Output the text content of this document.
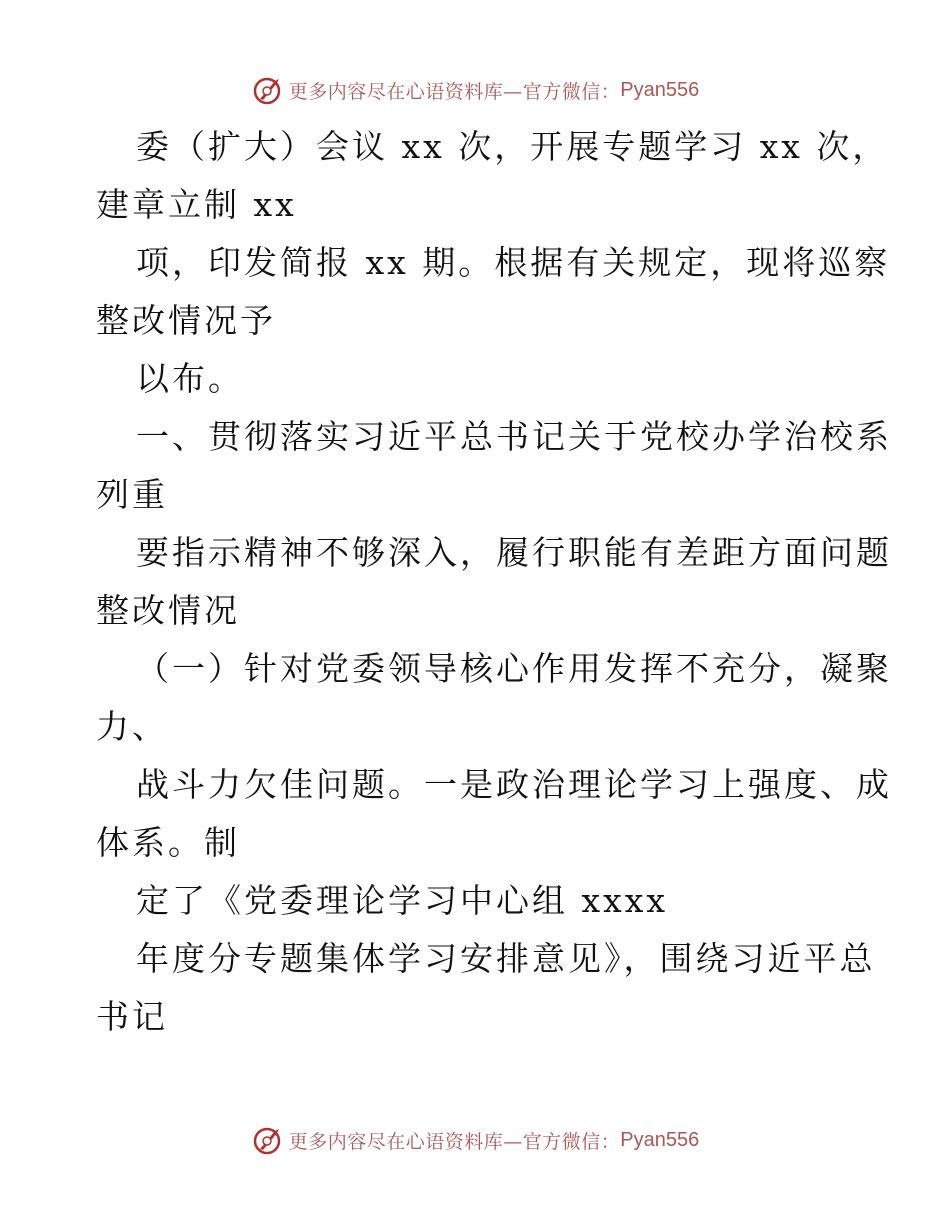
更多内容尽在心语资料库—官方微信： Pyan556
委（扩大）会议 xx 次，开展专题学习 xx 次，
建章立制 xx
项，印发简报 xx 期。根据有关规定，现将巡察
整改情况予
以布。
一、贯彻落实习近平总书记关于党校办学治校系
列重
要指示精神不够深入，履行职能有差距方面问题
整改情况
（一）针对党委领导核心作用发挥不充分，凝聚
力、
战斗力欠佳问题。一是政治理论学习上强度、成
体系。制
定了《党委理论学习中心组 xxxx
年度分专题集体学习安排意见》，围绕习近平总
书记
更多内容尽在心语资料库—官方微信： Pyan556
